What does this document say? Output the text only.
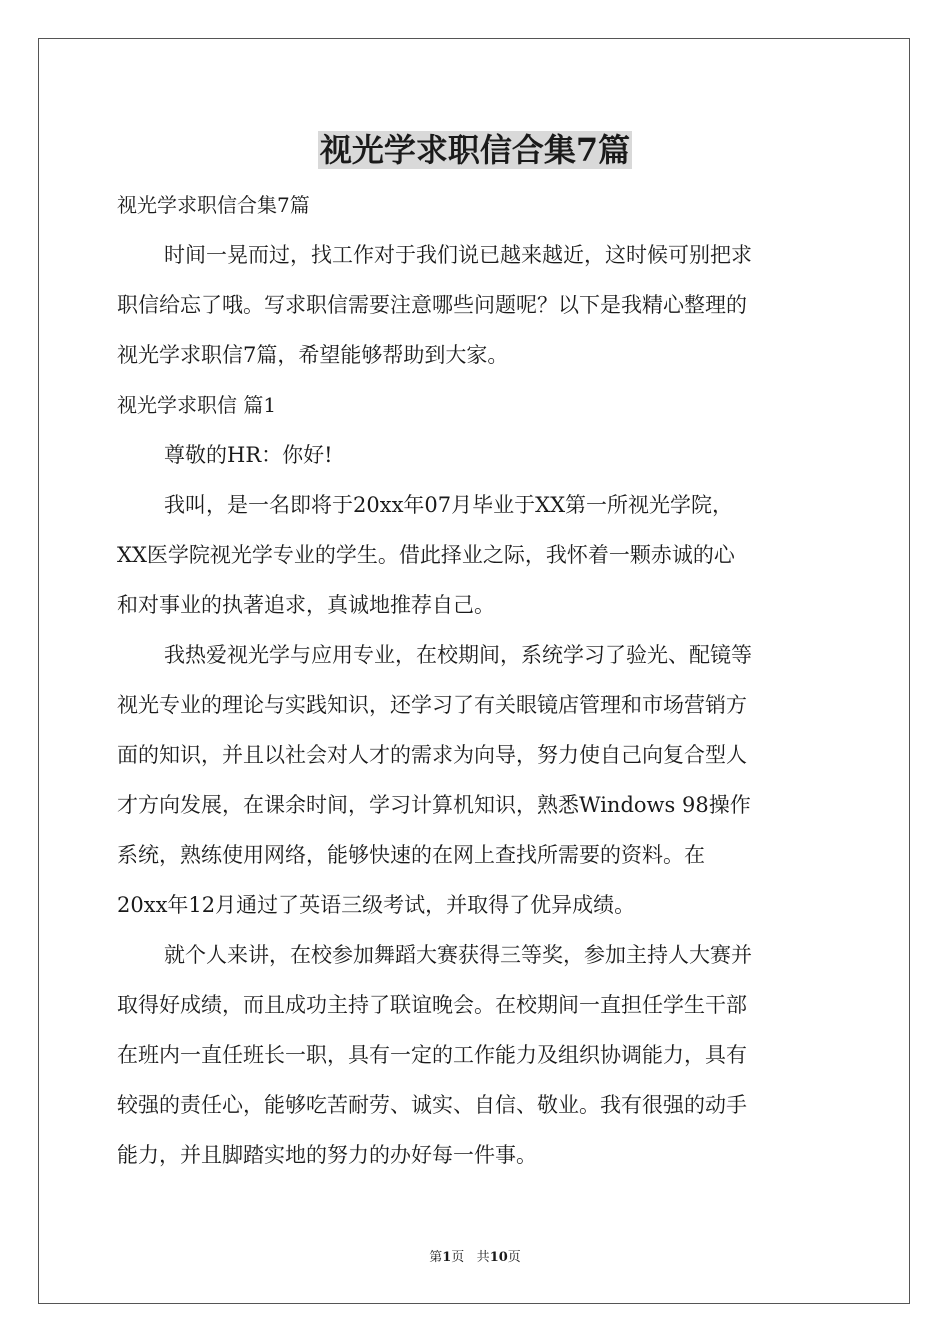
视光学求职信合集7篇
视光学求职信合集7篇
时间一晃而过，找工作对于我们说已越来越近，这时候可别把求
职信给忘了哦。写求职信需要注意哪些问题呢？以下是我精心整理的
视光学求职信7篇，希望能够帮助到大家。
视光学求职信 篇1
尊敬的HR：你好!
我叫，是一名即将于20xx年07月毕业于XX第一所视光学院，
XX医学院视光学专业的学生。借此择业之际，我怀着一颗赤诚的心
和对事业的执著追求，真诚地推荐自己。
我热爱视光学与应用专业，在校期间，系统学习了验光、配镜等
视光专业的理论与实践知识，还学习了有关眼镜店管理和市场营销方
面的知识，并且以社会对人才的需求为向导，努力使自己向复合型人
才方向发展，在课余时间，学习计算机知识，熟悉Windows 98操作
系统，熟练使用网络，能够快速的在网上查找所需要的资料。在
20xx年12月通过了英语三级考试，并取得了优异成绩。
就个人来讲，在校参加舞蹈大赛获得三等奖，参加主持人大赛并
取得好成绩，而且成功主持了联谊晚会。在校期间一直担任学生干部
在班内一直任班长一职，具有一定的工作能力及组织协调能力，具有
较强的责任心，能够吃苦耐劳、诚实、自信、敬业。我有很强的动手
能力，并且脚踏实地的努力的办好每一件事。
第1页 共10页
